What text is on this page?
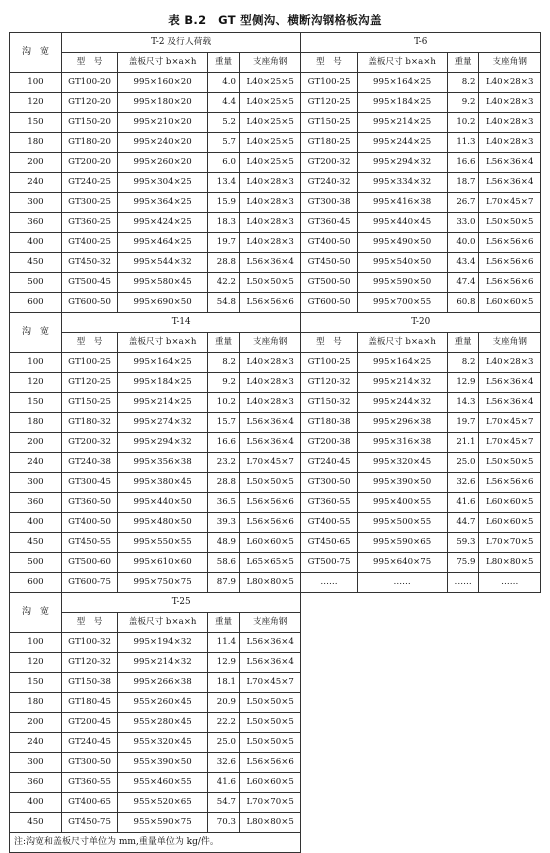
表 B.2　GT 型侧沟、横断沟钢格板沟盖
沟　宽	T-2 及行人荷载				T-6			
	型　号	盖板尺寸 b×a×h	重量	支座角钢	型　号	盖板尺寸 b×a×h	重量	支座角钢
100	GT100-20	995×160×20	4.0	L40×25×5	GT100-25	995×164×25	8.2	L40×28×3
120	GT120-20	995×180×20	4.4	L40×25×5	GT120-25	995×184×25	9.2	L40×28×3
150	GT150-20	995×210×20	5.2	L40×25×5	GT150-25	995×214×25	10.2	L40×28×3
180	GT180-20	995×240×20	5.7	L40×25×5	GT180-25	995×244×25	11.3	L40×28×3
200	GT200-20	995×260×20	6.0	L40×25×5	GT200-32	995×294×32	16.6	L56×36×4
240	GT240-25	995×304×25	13.4	L40×28×3	GT240-32	995×334×32	18.7	L56×36×4
300	GT300-25	995×364×25	15.9	L40×28×3	GT300-38	995×416×38	26.7	L70×45×7
360	GT360-25	995×424×25	18.3	L40×28×3	GT360-45	995×440×45	33.0	L50×50×5
400	GT400-25	995×464×25	19.7	L40×28×3	GT400-50	995×490×50	40.0	L56×56×6
450	GT450-32	995×544×32	28.8	L56×36×4	GT450-50	995×540×50	43.4	L56×56×6
500	GT500-45	995×580×45	42.2	L50×50×5	GT500-50	995×590×50	47.4	L56×56×6
600	GT600-50	995×690×50	54.8	L56×56×6	GT600-50	995×700×55	60.8	L60×60×5
沟　宽	T-14				T-20			
	型　号	盖板尺寸 b×a×h	重量	支座角钢	型　号	盖板尺寸 b×a×h	重量	支座角钢
100	GT100-25	995×164×25	8.2	L40×28×3	GT100-25	995×164×25	8.2	L40×28×3
120	GT120-25	995×184×25	9.2	L40×28×3	GT120-32	995×214×32	12.9	L56×36×4
150	GT150-25	995×214×25	10.2	L40×28×3	GT150-32	995×244×32	14.3	L56×36×4
180	GT180-32	995×274×32	15.7	L56×36×4	GT180-38	995×296×38	19.7	L70×45×7
200	GT200-32	995×294×32	16.6	L56×36×4	GT200-38	995×316×38	21.1	L70×45×7
240	GT240-38	995×356×38	23.2	L70×45×7	GT240-45	995×320×45	25.0	L50×50×5
300	GT300-45	995×380×45	28.8	L50×50×5	GT300-50	995×390×50	32.6	L56×56×6
360	GT360-50	995×440×50	36.5	L56×56×6	GT360-55	995×400×55	41.6	L60×60×5
400	GT400-50	995×480×50	39.3	L56×56×6	GT400-55	995×500×55	44.7	L60×60×5
450	GT450-55	995×550×55	48.9	L60×60×5	GT450-65	995×590×65	59.3	L70×70×5
500	GT500-60	995×610×60	58.6	L65×65×5	GT500-75	995×640×75	75.9	L80×80×5
600	GT600-75	995×750×75	87.9	L80×80×5	……	……	……	……
沟　宽	T-25							
	型　号	盖板尺寸 b×a×h	重量	支座角钢				
100	GT100-32	995×194×32	11.4	L56×36×4				
120	GT120-32	995×214×32	12.9	L56×36×4				
150	GT150-38	995×266×38	18.1	L70×45×7				
180	GT180-45	955×260×45	20.9	L50×50×5				
200	GT200-45	955×280×45	22.2	L50×50×5				
240	GT240-45	955×320×45	25.0	L50×50×5				
300	GT300-50	955×390×50	32.6	L56×56×6				
360	GT360-55	955×460×55	41.6	L60×60×5				
400	GT400-65	955×520×65	54.7	L70×70×5				
450	GT450-75	955×590×75	70.3	L80×80×5				
注:沟宽和盖板尺寸单位为 mm,重量单位为 kg/件。								
